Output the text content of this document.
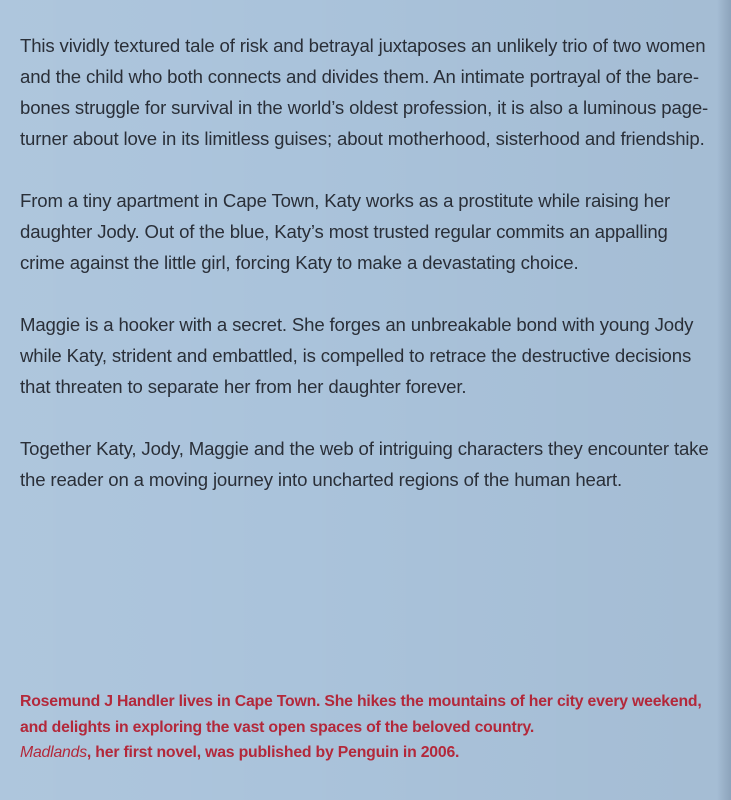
This vividly textured tale of risk and betrayal juxtaposes an unlikely trio of two women and the child who both connects and divides them. An intimate portrayal of the bare-bones struggle for survival in the world’s oldest profession, it is also a luminous page-turner about love in its limitless guises; about motherhood, sisterhood and friendship.

From a tiny apartment in Cape Town, Katy works as a prostitute while raising her daughter Jody. Out of the blue, Katy’s most trusted regular commits an appalling crime against the little girl, forcing Katy to make a devastating choice.

Maggie is a hooker with a secret. She forges an unbreakable bond with young Jody while Katy, strident and embattled, is compelled to retrace the destructive decisions that threaten to separate her from her daughter forever.

Together Katy, Jody, Maggie and the web of intriguing characters they encounter take the reader on a moving journey into uncharted regions of the human heart.

Rosemund J Handler lives in Cape Town. She hikes the mountains of her city every weekend, and delights in exploring the vast open spaces of the beloved country.
Madlands, her first novel, was published by Penguin in 2006.
